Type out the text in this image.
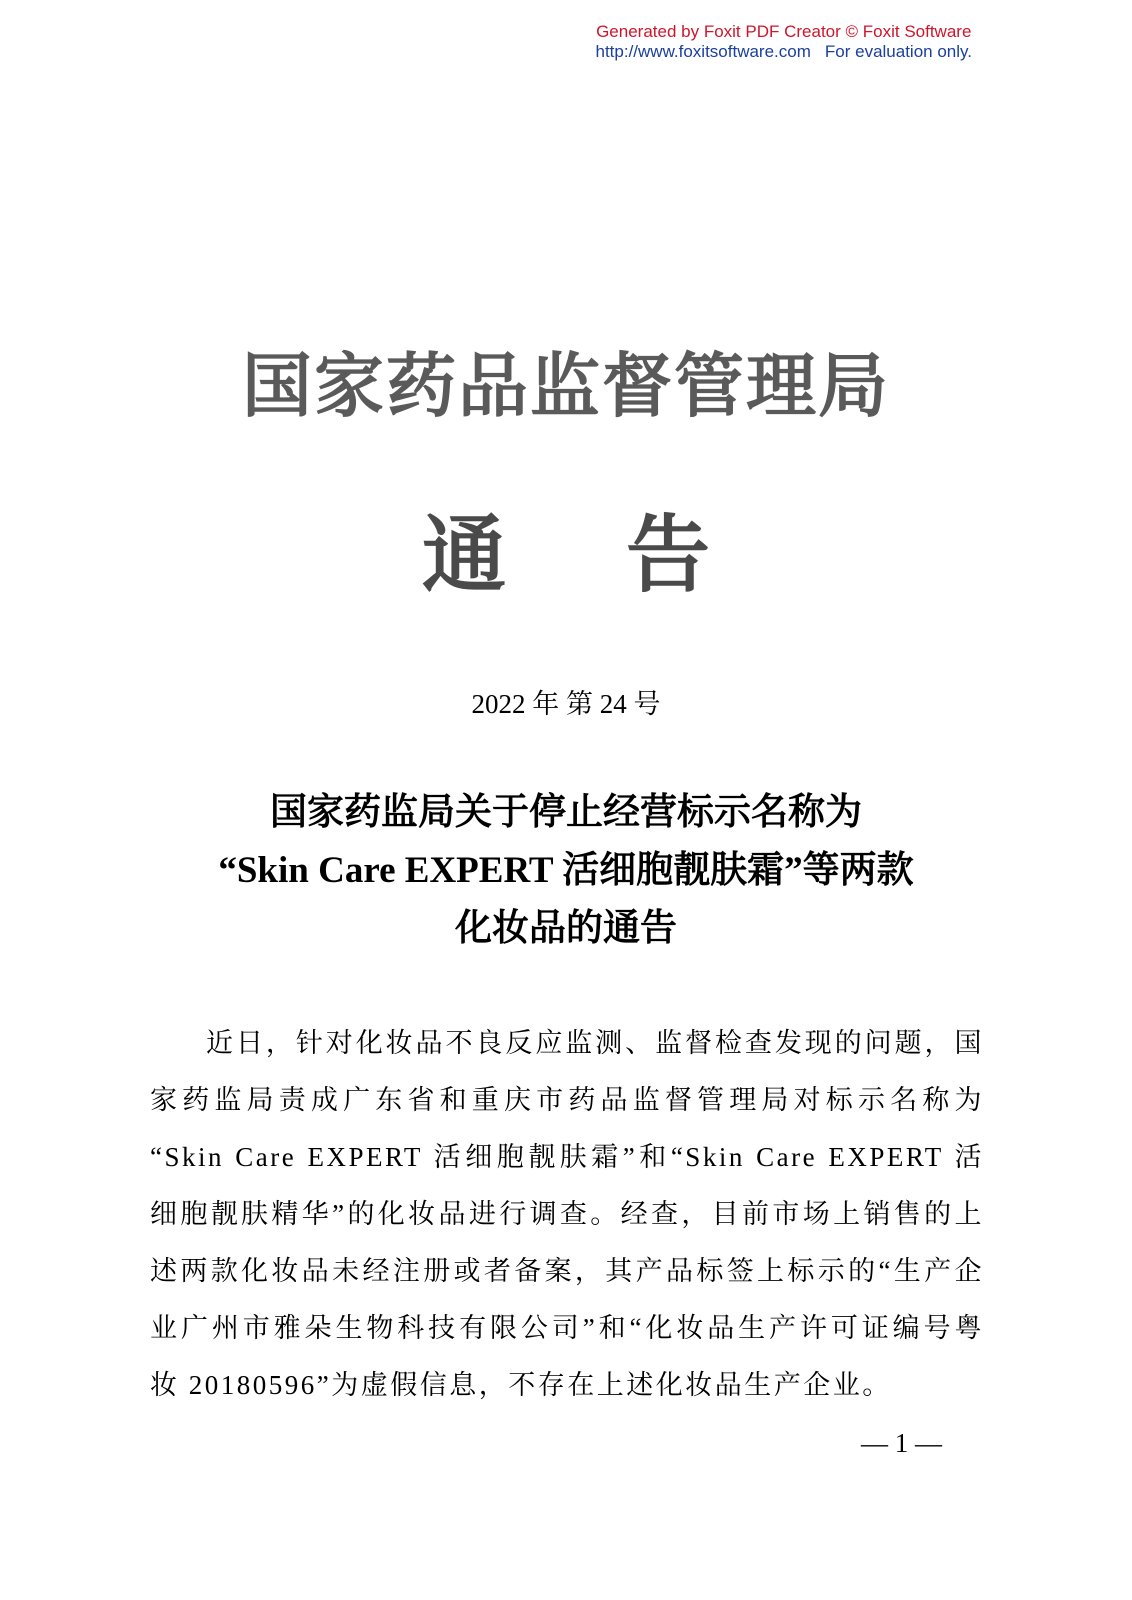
Generated by Foxit PDF Creator © Foxit Software
http://www.foxitsoftware.com For evaluation only.
国家药品监督管理局
通告
2022 年 第 24 号
国家药监局关于停止经营标示名称为
“Skin Care EXPERT 活细胞靓肤霜”等两款
化妆品的通告
近日，针对化妆品不良反应监测、监督检查发现的问题，国
家药监局责成广东省和重庆市药品监督管理局对标示名称为
“Skin Care EXPERT 活细胞靓肤霜”和“Skin Care EXPERT 活
细胞靓肤精华”的化妆品进行调查。经查，目前市场上销售的上
述两款化妆品未经注册或者备案，其产品标签上标示的“生产企
业广州市雅朵生物科技有限公司”和“化妆品生产许可证编号粤
妆 20180596”为虚假信息，不存在上述化妆品生产企业。
— 1 —
